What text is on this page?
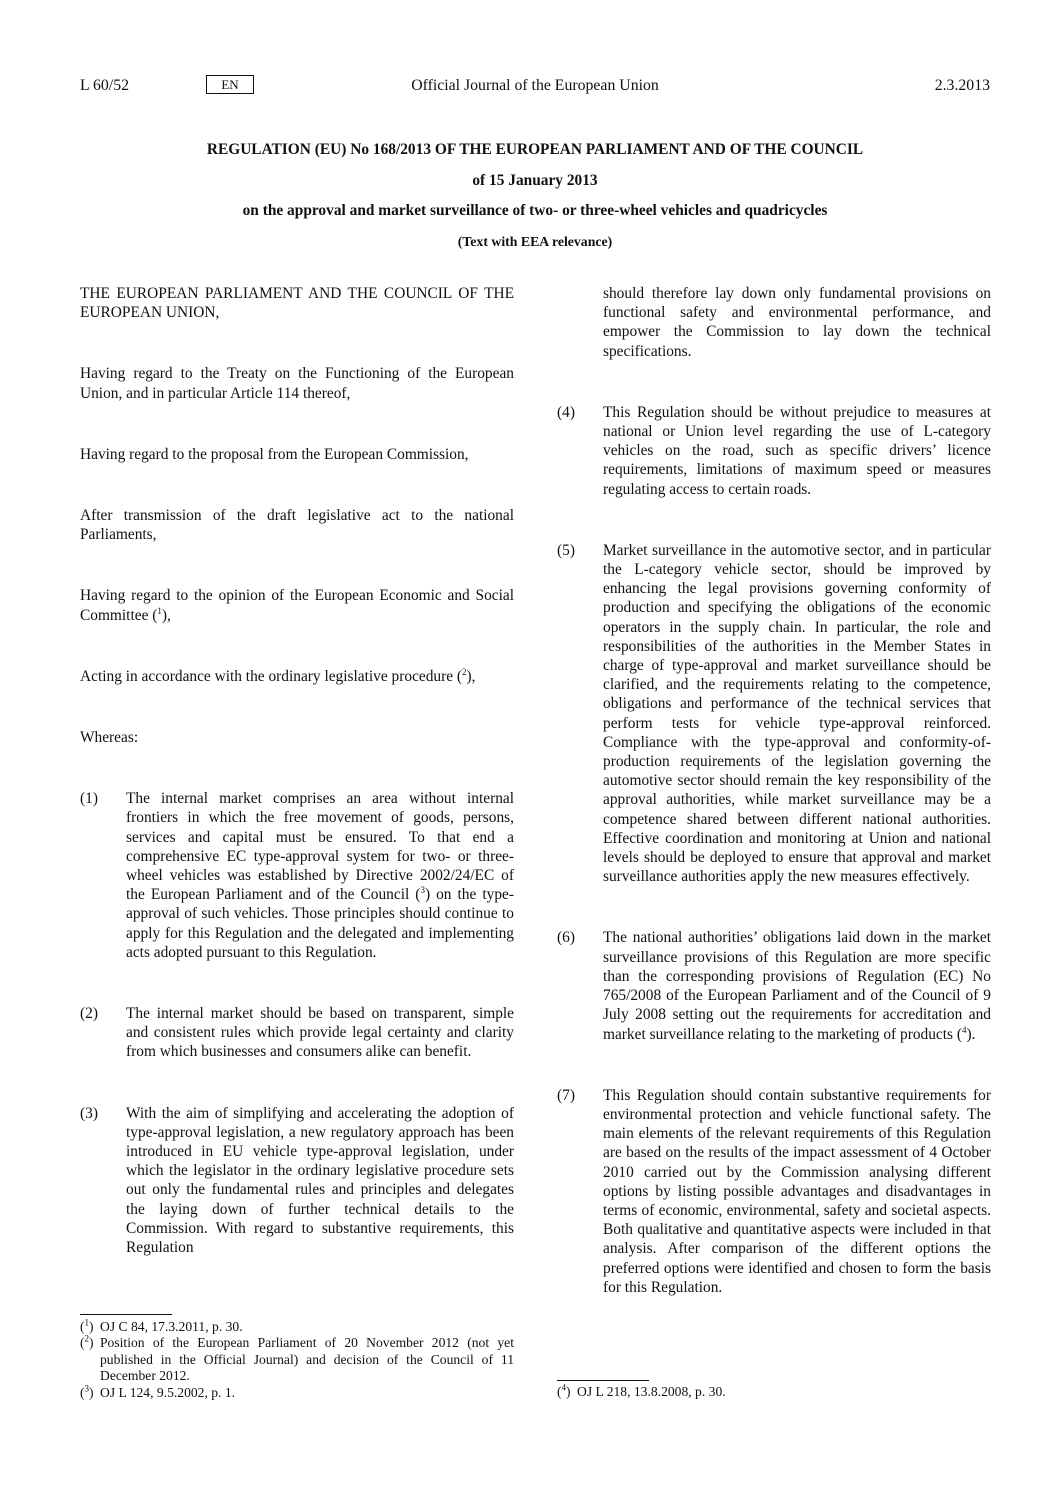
L 60/52	Official Journal of the European Union
EN	2.3.2013
REGULATION (EU) No 168/2013 OF THE EUROPEAN PARLIAMENT AND OF THE COUNCIL
of 15 January 2013
on the approval and market surveillance of two- or three-wheel vehicles and quadricycles
(Text with EEA relevance)

THE EUROPEAN PARLIAMENT AND THE COUNCIL OF THE EUROPEAN UNION,

Having regard to the Treaty on the Functioning of the European Union, and in particular Article 114 thereof,

Having regard to the proposal from the European Commission,

After transmission of the draft legislative act to the national Parliaments,

Having regard to the opinion of the European Economic and Social Committee ($^1$),

Acting in accordance with the ordinary legislative procedure ($^2$),

Whereas:

(1) The internal market comprises an area without internal frontiers in which the free movement of goods, persons, services and capital must be ensured. To that end a comprehensive EC type-approval system for two- or three-wheel vehicles was established by Directive 2002/24/EC of the European Parliament and of the Council ($^3$) on the type-approval of such vehicles. Those principles should continue to apply for this Regulation and the delegated and implementing acts adopted pursuant to this Regulation.
(2) The internal market should be based on transparent, simple and consistent rules which provide legal certainty and clarity from which businesses and consumers alike can benefit.
(3) With the aim of simplifying and accelerating the adoption of type-approval legislation, a new regulatory approach has been introduced in EU vehicle type-approval legislation, under which the legislator in the ordinary legislative procedure sets out only the fundamental rules and principles and delegates the laying down of further technical details to the Commission. With regard to substantive requirements, this Regulation
should therefore lay down only fundamental provisions on functional safety and environmental performance, and empower the Commission to lay down the technical specifications.
(4) This Regulation should be without prejudice to measures at national or Union level regarding the use of L-category vehicles on the road, such as specific drivers’ licence requirements, limitations of maximum speed or measures regulating access to certain roads.
(5) Market surveillance in the automotive sector, and in particular the L-category vehicle sector, should be improved by enhancing the legal provisions governing conformity of production and specifying the obligations of the economic operators in the supply chain. In particular, the role and responsibilities of the authorities in the Member States in charge of type-approval and market surveillance should be clarified, and the requirements relating to the competence, obligations and performance of the technical services that perform tests for vehicle type-approval reinforced. Compliance with the type-approval and conformity-of-production requirements of the legislation governing the automotive sector should remain the key responsibility of the approval authorities, while market surveillance may be a competence shared between different national authorities. Effective coordination and monitoring at Union and national levels should be deployed to ensure that approval and market surveillance authorities apply the new measures effectively.
(6) The national authorities’ obligations laid down in the market surveillance provisions of this Regulation are more specific than the corresponding provisions of Regulation (EC) No 765/2008 of the European Parliament and of the Council of 9 July 2008 setting out the requirements for accreditation and market surveillance relating to the marketing of products ($^4$).
(7) This Regulation should contain substantive requirements for environmental protection and vehicle functional safety. The main elements of the relevant requirements of this Regulation are based on the results of the impact assessment of 4 October 2010 carried out by the Commission analysing different options by listing possible advantages and disadvantages in terms of economic, environmental, safety and societal aspects. Both qualitative and quantitative aspects were included in that analysis. After comparison of the different options the preferred options were identified and chosen to form the basis for this Regulation.
($^1$) OJ C 84, 17.3.2011, p. 30.
($^2$) Position of the European Parliament of 20 November 2012 (not yet published in the Official Journal) and decision of the Council of 11 December 2012.
($^3$) OJ L 124, 9.5.2002, p. 1.	($^4$) OJ L 218, 13.8.2008, p. 30.
